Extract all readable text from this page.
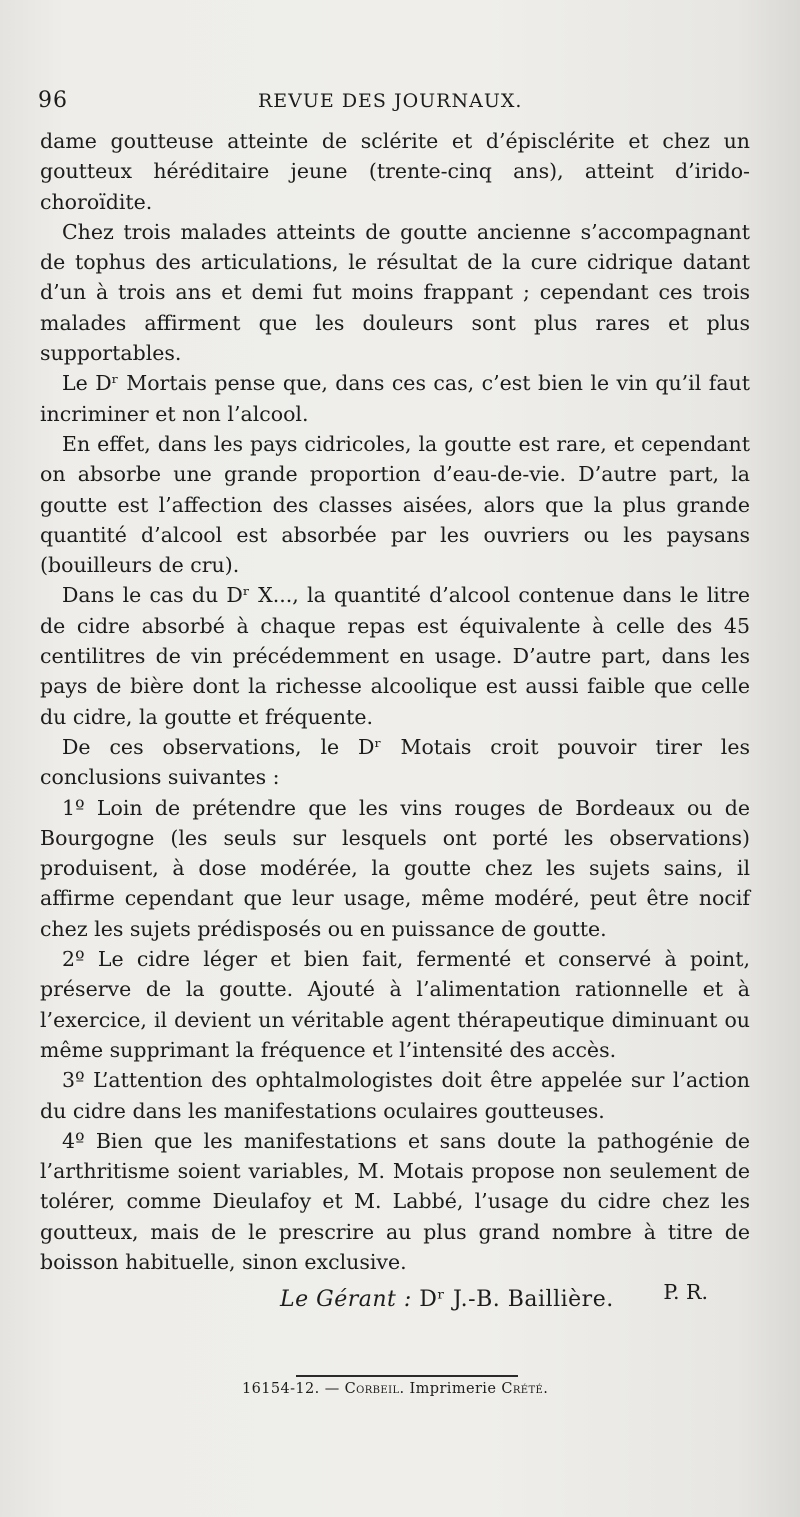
96	REVUE DES JOURNAUX.

dame goutteuse atteinte de sclérite et d’épisclérite et chez un goutteux héréditaire jeune (trente-cinq ans), atteint d’irido-choroïdite.

Chez trois malades atteints de goutte ancienne s’accompagnant de tophus des articulations, le résultat de la cure cidrique datant d’un à trois ans et demi fut moins frappant ; cependant ces trois malades affirment que les douleurs sont plus rares et plus supportables.

Le Dʳ Mortais pense que, dans ces cas, c’est bien le vin qu’il faut incriminer et non l’alcool.

En effet, dans les pays cidricoles, la goutte est rare, et cependant on absorbe une grande proportion d’eau-de-vie. D’autre part, la goutte est l’affection des classes aisées, alors que la plus grande quantité d’alcool est absorbée par les ouvriers ou les paysans (bouilleurs de cru).

Dans le cas du Dʳ X..., la quantité d’alcool contenue dans le litre de cidre absorbé à chaque repas est équivalente à celle des 45 centilitres de vin précédemment en usage. D’autre part, dans les pays de bière dont la richesse alcoolique est aussi faible que celle du cidre, la goutte et fréquente.

De ces observations, le Dʳ Motais croit pouvoir tirer les conclusions suivantes :

1º Loin de prétendre que les vins rouges de Bordeaux ou de Bourgogne (les seuls sur lesquels ont porté les observations) produisent, à dose modérée, la goutte chez les sujets sains, il affirme cependant que leur usage, même modéré, peut être nocif chez les sujets prédisposés ou en puissance de goutte.

2º Le cidre léger et bien fait, fermenté et conservé à point, préserve de la goutte. Ajouté à l’alimentation rationnelle et à l’exercice, il devient un véritable agent thérapeutique diminuant ou même supprimant la fréquence et l’intensité des accès.

3º L’attention des ophtalmologistes doit être appelée sur l’action du cidre dans les manifestations oculaires goutteuses.

4º Bien que les manifestations et sans doute la pathogénie de l’arthritisme soient variables, M. Motais propose non seulement de tolérer, comme Dieulafoy et M. Labbé, l’usage du cidre chez les goutteux, mais de le prescrire au plus grand nombre à titre de boisson habituelle, sinon exclusive.

P. R.

Le Gérant : Dʳ J.-B. Baillière.
16154-12. — Corbeil. Imprimerie Crété.
